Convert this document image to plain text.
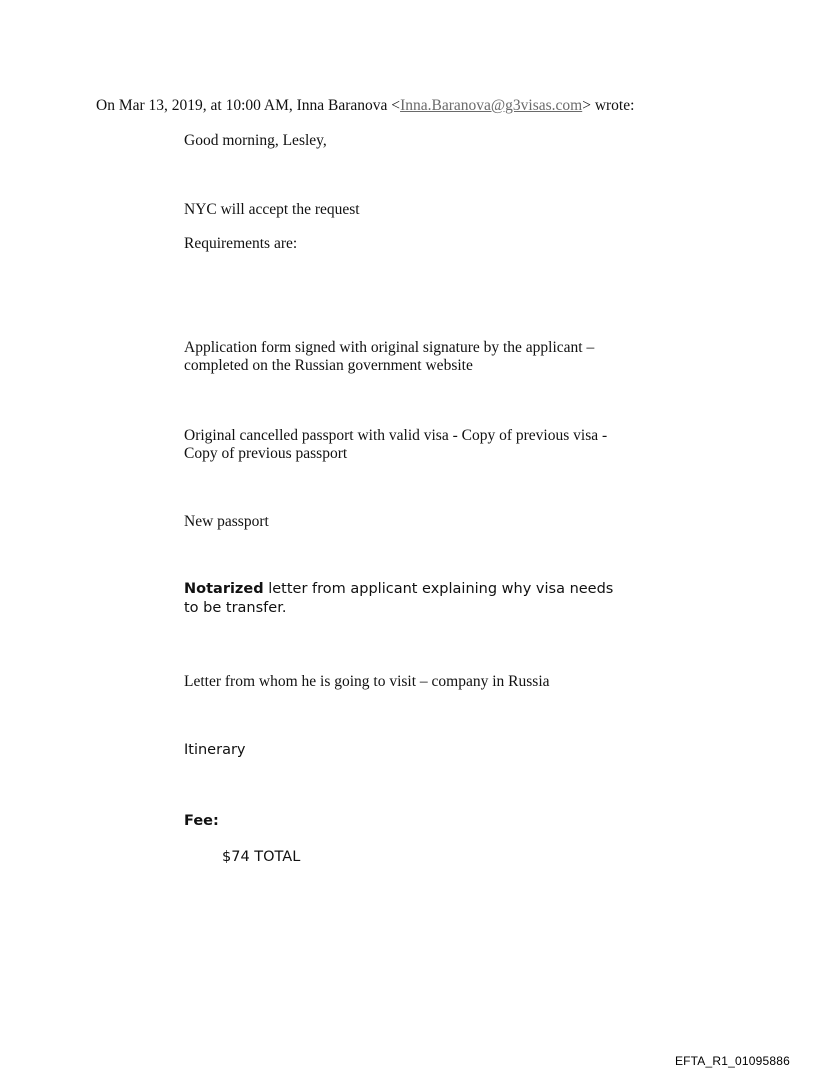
On Mar 13, 2019, at 10:00 AM, Inna Baranova <Inna.Baranova@g3visas.com> wrote:
Good morning, Lesley,
NYC will accept the request
Requirements are:
Application form signed with original signature by the applicant – completed on the Russian government website
Original cancelled passport with valid visa - Copy of previous visa - Copy of previous passport
New passport
Notarized letter from applicant explaining why visa needs to be transfer.
Letter from whom he is going to visit – company in Russia
Itinerary
Fee:
$74 TOTAL
EFTA_R1_01095886
